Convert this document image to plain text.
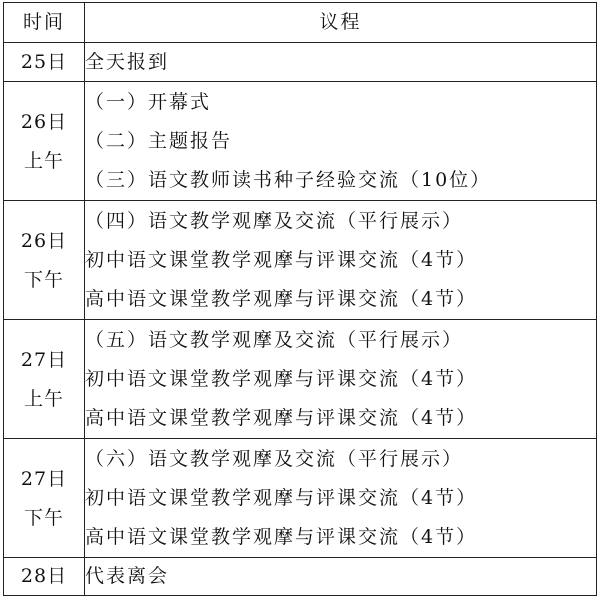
时间	议程

25日	全天报到

26日
上午	（一）开幕式
（二）主题报告
（三）语文教师读书种子经验交流（10位）

26日
下午	（四）语文教学观摩及交流（平行展示）
初中语文课堂教学观摩与评课交流（4节）
高中语文课堂教学观摩与评课交流（4节）

27日
上午	（五）语文教学观摩及交流（平行展示）
初中语文课堂教学观摩与评课交流（4节）
高中语文课堂教学观摩与评课交流（4节）

27日
下午	（六）语文教学观摩及交流（平行展示）
初中语文课堂教学观摩与评课交流（4节）
高中语文课堂教学观摩与评课交流（4节）

28日	代表离会
